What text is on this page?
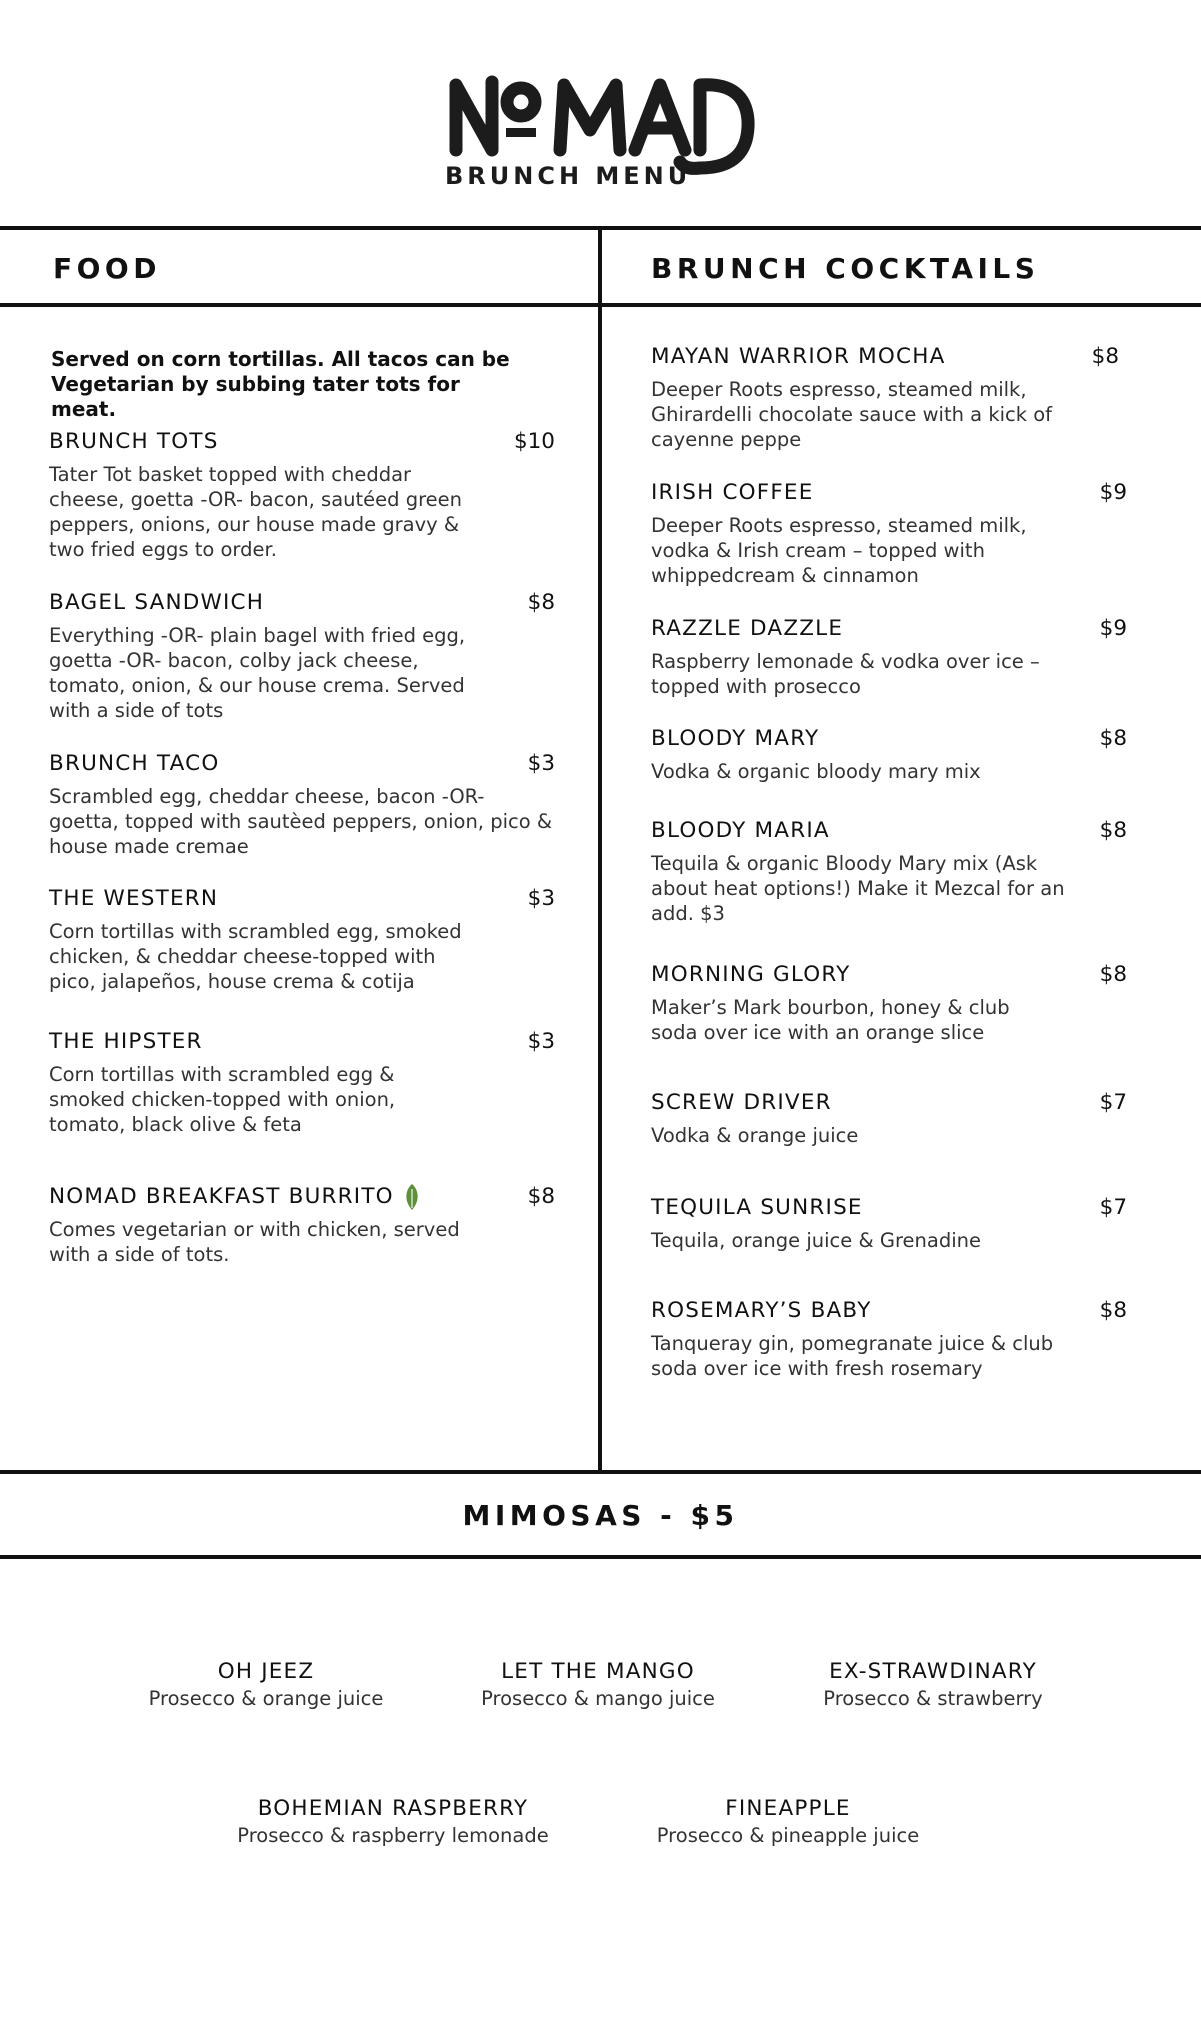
BRUNCH MENU
FOOD	BRUNCH COCKTAILS
Served on corn tortillas. All tacos can be Vegetarian by subbing tater tots for meat.
BRUNCH TOTS	$10
Tater Tot basket topped with cheddar cheese, goetta -OR- bacon, sautéed green peppers, onions, our house made gravy & two fried eggs to order.
BAGEL SANDWICH	$8
Everything -OR- plain bagel with fried egg, goetta -OR- bacon, colby jack cheese, tomato, onion, & our house crema. Served with a side of tots
BRUNCH TACO	$3
Scrambled egg, cheddar cheese, bacon -OR- goetta, topped with sautèed peppers, onion, pico & house made cremae
THE WESTERN	$3
Corn tortillas with scrambled egg, smoked chicken, & cheddar cheese-topped with pico, jalapeños, house crema & cotija
THE HIPSTER	$3
Corn tortillas with scrambled egg & smoked chicken-topped with onion, tomato, black olive & feta
NOMAD BREAKFAST BURRITO	$8
Comes vegetarian or with chicken, served with a side of tots.
MAYAN WARRIOR MOCHA	$8
Deeper Roots espresso, steamed milk, Ghirardelli chocolate sauce with a kick of cayenne peppe
IRISH COFFEE	$9
Deeper Roots espresso, steamed milk, vodka & Irish cream – topped with whippedcream & cinnamon
RAZZLE DAZZLE	$9
Raspberry lemonade & vodka over ice – topped with prosecco
BLOODY MARY	$8
Vodka & organic bloody mary mix
BLOODY MARIA	$8
Tequila & organic Bloody Mary mix (Ask about heat options!) Make it Mezcal for an add. $3
MORNING GLORY	$8
Maker’s Mark bourbon, honey & club soda over ice with an orange slice
SCREW DRIVER	$7
Vodka & orange juice
TEQUILA SUNRISE	$7
Tequila, orange juice & Grenadine
ROSEMARY’S BABY	$8
Tanqueray gin, pomegranate juice & club soda over ice with fresh rosemary
MIMOSAS - $5
OH JEEZ
Prosecco & orange juice
LET THE MANGO
Prosecco & mango juice
EX-STRAWDINARY
Prosecco & strawberry
BOHEMIAN RASPBERRY
Prosecco & raspberry lemonade
FINEAPPLE
Prosecco & pineapple juice
